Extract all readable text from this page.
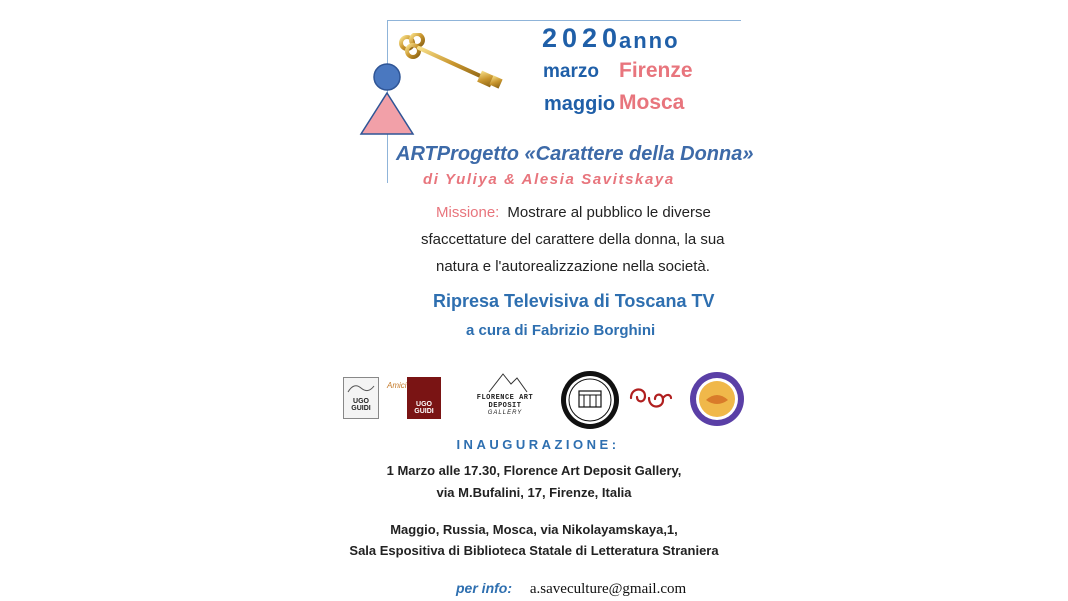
2020
anno
marzo Firenze
maggio Mosca
ARTProgetto «Carattere della Donna»
di Yuliya & Alesia Savitskaya
Missione: Mostrare al pubblico le diverse
sfaccettature del carattere della donna, la sua
natura e l'autorealizzazione nella società.
Ripresa Televisiva di Toscana TV
a cura di Fabrizio Borghini
UGO GUIDI
Amici
UGO GUIDI
FLORENCE ART DEPOSIT
GALLERY
INAUGURAZIONE:
1 Marzo alle 17.30, Florence Art Deposit Gallery,
via M.Bufalini, 17, Firenze, Italia
Maggio, Russia, Mosca, via Nikolayamskaya,1,
Sala Espositiva di Biblioteca Statale di Letteratura Straniera
per info: a.saveculture@gmail.com
